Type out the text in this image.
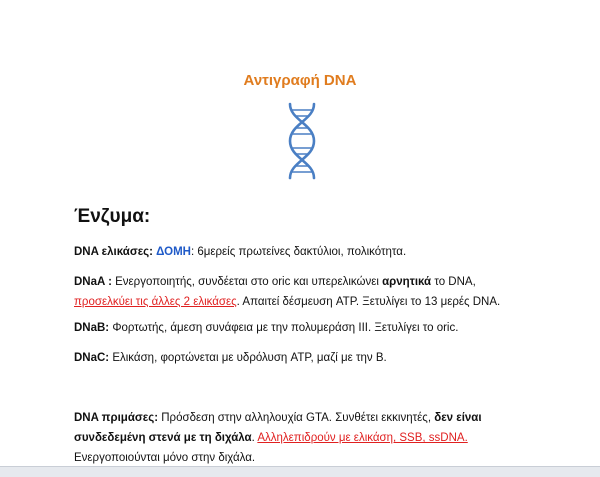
Αντιγραφή DNA
Ένζυμα:
DNA ελικάσες: ΔΟΜΗ: 6μερείς πρωτείνες δακτύλιοι, πολικότητα.
DNaA : Ενεργοποιητής, συνδέεται στο oric και υπερελικώνει αρνητικά το DNA,
προσελκύει τις άλλες 2 ελικάσες. Απαιτεί δέσμευση ATP. Ξετυλίγει το 13 μερές DNA.
DNaB: Φορτωτής, άμεση συνάφεια με την πολυμεράση ΙΙΙ. Ξετυλίγει το oric.
DNaC: Ελικάση, φορτώνεται με υδρόλυση ATP, μαζί με την Β.
DNA πριμάσες: Πρόσδεση στην αλληλουχία GTA. Συνθέτει εκκινητές, δεν είναι συνδεδεμένη στενά με τη διχάλα. Αλληλεπιδρούν με ελικάση, SSB, ssDNA. Ενεργοποιούνται μόνο στην διχάλα.
